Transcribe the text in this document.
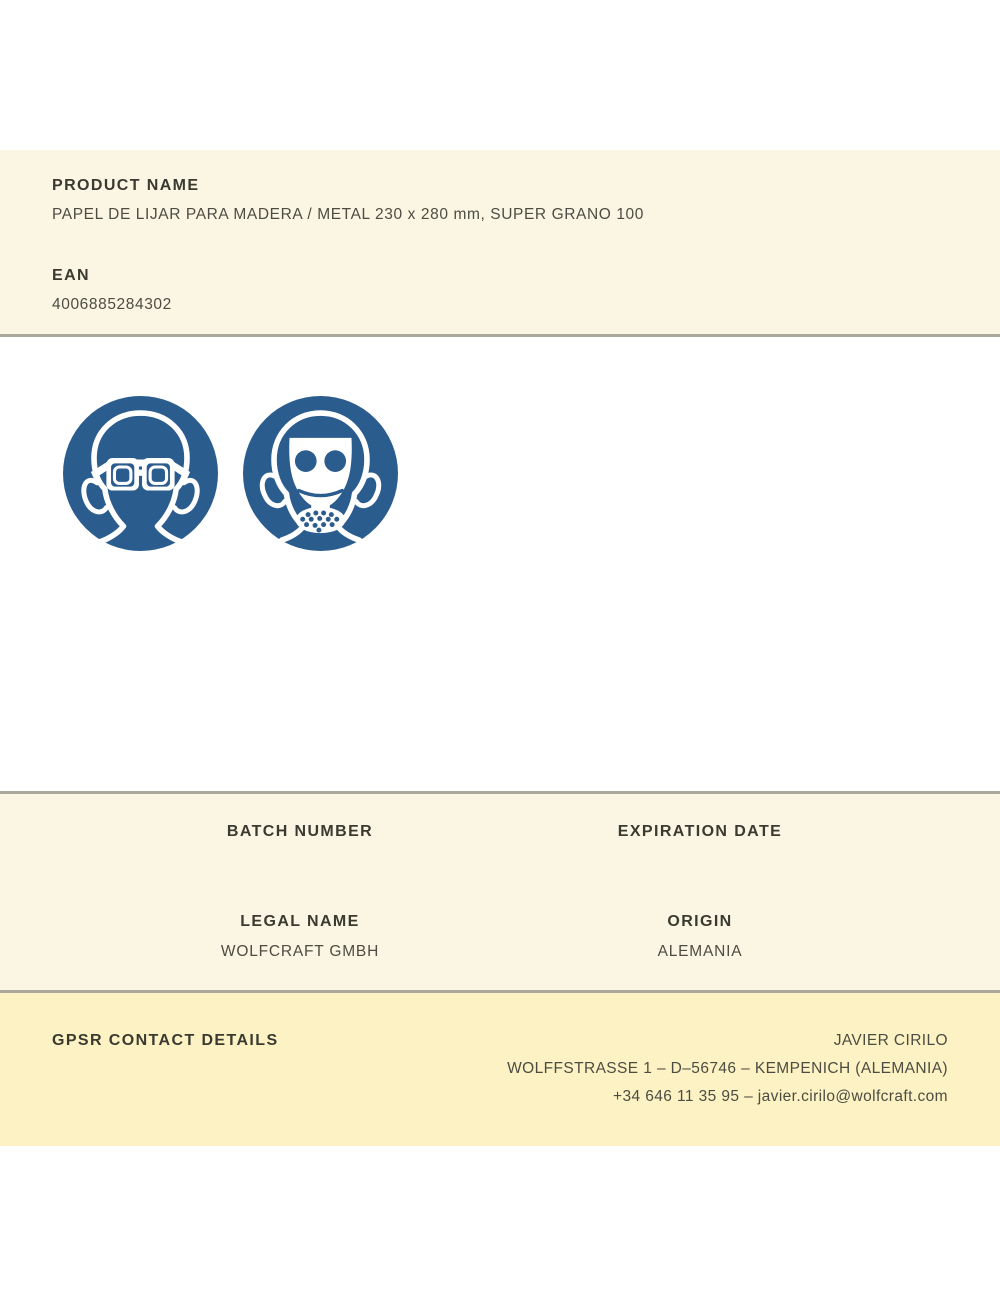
PRODUCT NAME
PAPEL DE LIJAR PARA MADERA / METAL 230 x 280 mm, SUPER GRANO 100
EAN
4006885284302
BATCH NUMBER
LEGAL NAME
WOLFCRAFT GMBH
EXPIRATION DATE
ORIGIN
ALEMANIA
GPSR CONTACT DETAILS	JAVIER CIRILO
WOLFFSTRASSE 1 – D–56746 – KEMPENICH (ALEMANIA)
+34 646 11 35 95 – javier.cirilo@wolfcraft.com
